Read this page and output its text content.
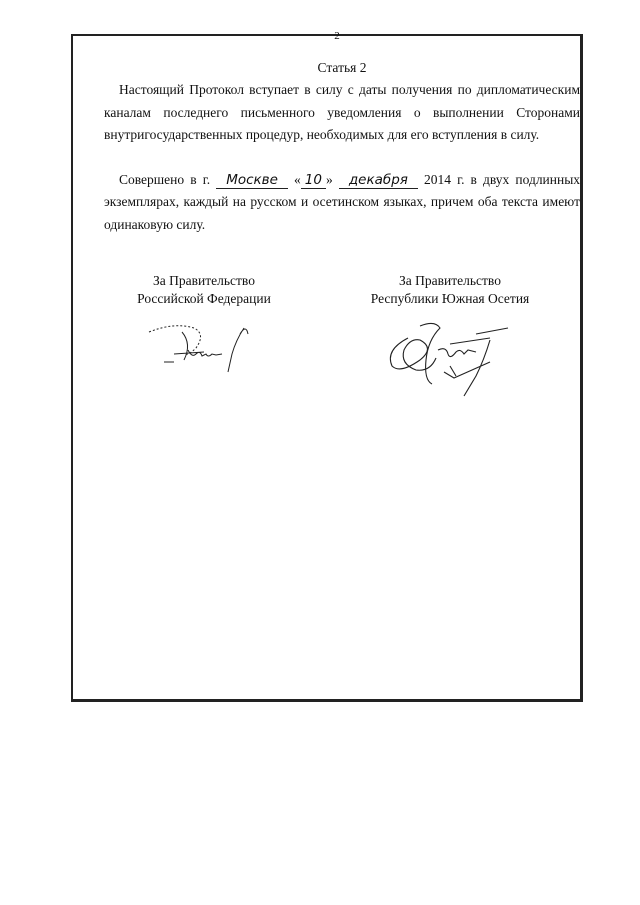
2
Статья 2

Настоящий Протокол вступает в силу с даты получения по дипломатическим каналам последнего письменного уведомления о выполнении Сторонами внутригосударственных процедур, необходимых для его вступления в силу.

Совершено в г. Москве « 10 » декабря 2014 г. в двух подлинных экземплярах, каждый на русском и осетинском языках, причем оба текста имеют одинаковую силу.

За Правительство
Российской Федерации
За Правительство
Республики Южная Осетия
